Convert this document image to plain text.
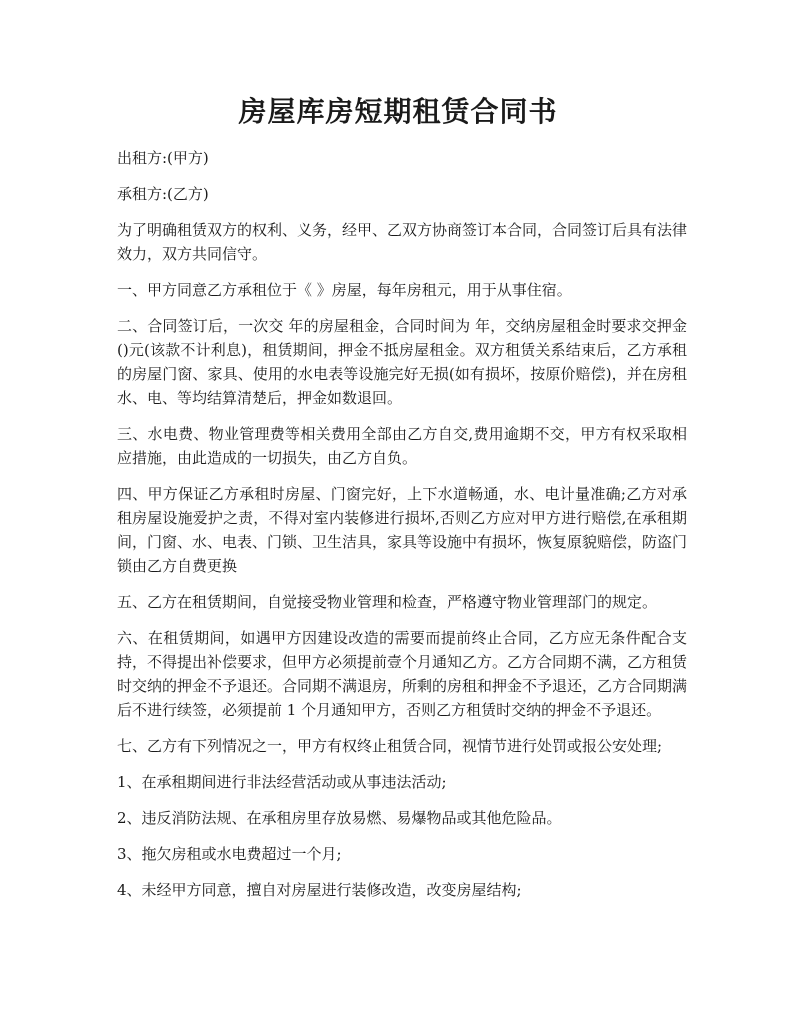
房屋库房短期租赁合同书

出租方:(甲方)

承租方:(乙方)

为了明确租赁双方的权利、义务，经甲、乙双方协商签订本合同，合同签订后具有法律效力，双方共同信守。

一、甲方同意乙方承租位于《 》房屋，每年房租元，用于从事住宿。

二、合同签订后，一次交 年的房屋租金，合同时间为 年，交纳房屋租金时要求交押金 ()元(该款不计利息)，租赁期间，押金不抵房屋租金。双方租赁关系结束后，乙方承租的房屋门窗、家具、使用的水电表等设施完好无损(如有损坏，按原价赔偿)，并在房租水、电、等均结算清楚后，押金如数退回。

三、水电费、物业管理费等相关费用全部由乙方自交,费用逾期不交，甲方有权采取相应措施，由此造成的一切损失，由乙方自负。

四、甲方保证乙方承租时房屋、门窗完好，上下水道畅通，水、电计量准确;乙方对承租房屋设施爱护之责，不得对室内装修进行损坏,否则乙方应对甲方进行赔偿,在承租期间，门窗、水、电表、门锁、卫生洁具，家具等设施中有损坏，恢复原貌赔偿，防盗门锁由乙方自费更换

五、乙方在租赁期间，自觉接受物业管理和检查，严格遵守物业管理部门的规定。

六、在租赁期间，如遇甲方因建设改造的需要而提前终止合同，乙方应无条件配合支持，不得提出补偿要求，但甲方必须提前壹个月通知乙方。乙方合同期不满，乙方租赁时交纳的押金不予退还。合同期不满退房，所剩的房租和押金不予退还，乙方合同期满后不进行续签，必须提前 1 个月通知甲方，否则乙方租赁时交纳的押金不予退还。

七、乙方有下列情况之一，甲方有权终止租赁合同，视情节进行处罚或报公安处理;

1、在承租期间进行非法经营活动或从事违法活动;

2、违反消防法规、在承租房里存放易燃、易爆物品或其他危险品。

3、拖欠房租或水电费超过一个月;

4、未经甲方同意，擅自对房屋进行装修改造，改变房屋结构;
